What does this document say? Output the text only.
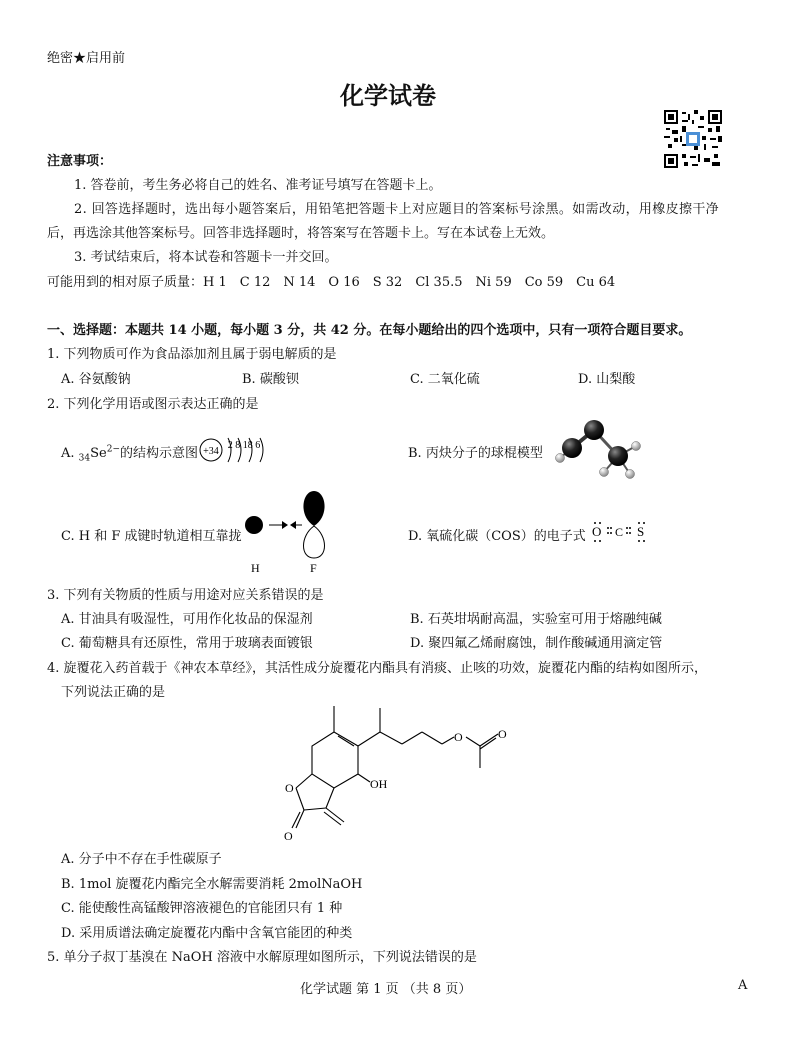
绝密★启用前
化学试卷
注意事项：
1. 答卷前，考生务必将自己的姓名、准考证号填写在答题卡上。
2. 回答选择题时，选出每小题答案后，用铅笔把答题卡上对应题目的答案标号涂黑。如需改动，用橡皮擦干净
后，再选涂其他答案标号。回答非选择题时，将答案写在答题卡上。写在本试卷上无效。
3. 考试结束后，将本试卷和答题卡一并交回。
可能用到的相对原子质量：H 1　C 12　N 14　O 16　S 32　Cl 35.5　Ni 59　Co 59　Cu 64
一、选择题：本题共 14 小题，每小题 3 分，共 42 分。在每小题给出的四个选项中，只有一项符合题目要求。
1. 下列物质可作为食品添加剂且属于弱电解质的是
A. 谷氨酸钠	B. 碳酸钡	C. 二氧化硫	D. 山梨酸
2. 下列化学用语或图示表达正确的是
A. $_{34}Se^{2-}$的结构示意图 +34
2 8 18 6
B. 丙炔分子的球棍模型
C. H 和 F 成键时轨道相互靠拢
H	F
D. 氧硫化碳（COS）的电子式 O C S
3. 下列有关物质的性质与用途对应关系错误的是
A. 甘油具有吸湿性，可用作化妆品的保湿剂	B. 石英坩埚耐高温，实验室可用于熔融纯碱
C. 葡萄糖具有还原性，常用于玻璃表面镀银	D. 聚四氟乙烯耐腐蚀，制作酸碱通用滴定管
4. 旋覆花入药首载于《神农本草经》，其活性成分旋覆花内酯具有消痰、止咳的功效，旋覆花内酯的结构如图所示，
下列说法正确的是
O	O
OH
O
O
A. 分子中不存在手性碳原子
B. 1mol 旋覆花内酯完全水解需要消耗 2molNaOH
C. 能使酸性高锰酸钾溶液褪色的官能团只有 1 种
D. 采用质谱法确定旋覆花内酯中含氧官能团的种类
5. 单分子叔丁基溴在 NaOH 溶液中水解原理如图所示，下列说法错误的是
化学试题 第 1 页 （共 8 页）	A
